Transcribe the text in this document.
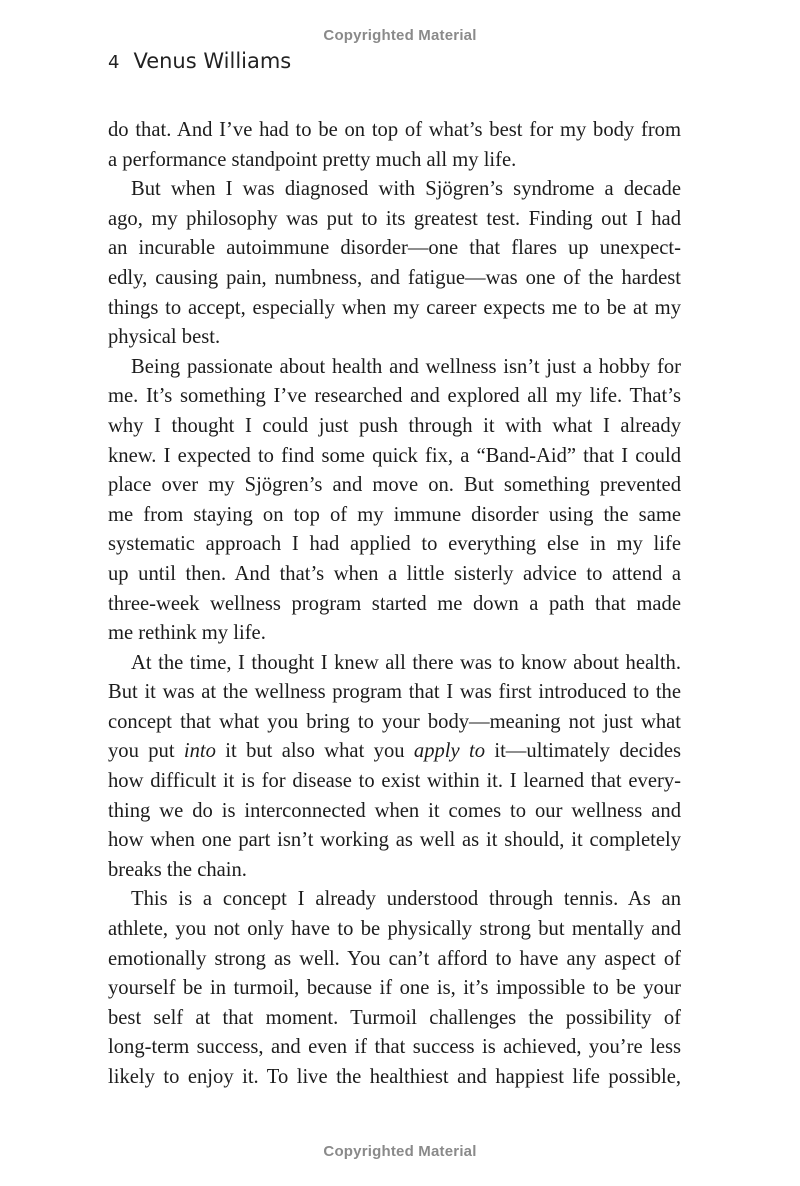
Copyrighted Material
4 Venus Williams

do that. And I’ve had to be on top of what’s best for my body from
a performance standpoint pretty much all my life.

But when I was diagnosed with Sjögren’s syndrome a decade
ago, my philosophy was put to its greatest test. Finding out I had
an incurable autoimmune disorder—one that flares up unexpect-
edly, causing pain, numbness, and fatigue—was one of the hardest
things to accept, especially when my career expects me to be at my
physical best.

Being passionate about health and wellness isn’t just a hobby for
me. It’s something I’ve researched and explored all my life. That’s
why I thought I could just push through it with what I already
knew. I expected to find some quick fix, a “Band-Aid” that I could
place over my Sjögren’s and move on. But something prevented
me from staying on top of my immune disorder using the same
systematic approach I had applied to everything else in my life
up until then. And that’s when a little sisterly advice to attend a
three-week wellness program started me down a path that made
me rethink my life.

At the time, I thought I knew all there was to know about health.
But it was at the wellness program that I was first introduced to the
concept that what you bring to your body—meaning not just what
you put into it but also what you apply to it—ultimately decides
how difficult it is for disease to exist within it. I learned that every-
thing we do is interconnected when it comes to our wellness and
how when one part isn’t working as well as it should, it completely
breaks the chain.

This is a concept I already understood through tennis. As an
athlete, you not only have to be physically strong but mentally and
emotionally strong as well. You can’t afford to have any aspect of
yourself be in turmoil, because if one is, it’s impossible to be your
best self at that moment. Turmoil challenges the possibility of
long-term success, and even if that success is achieved, you’re less
likely to enjoy it. To live the healthiest and happiest life possible,

Copyrighted Material
